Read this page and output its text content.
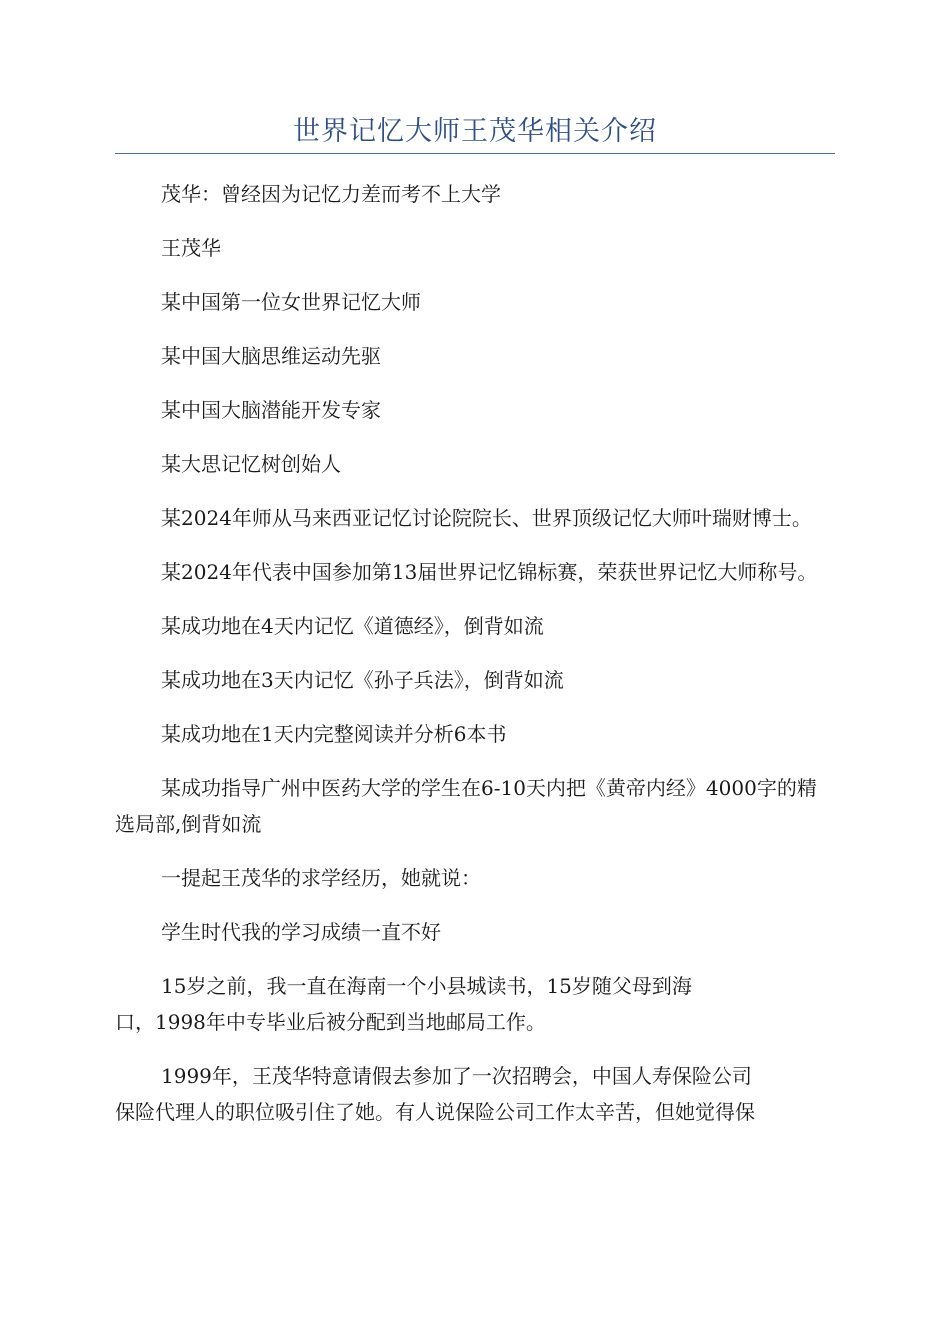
世界记忆大师王茂华相关介绍

茂华：曾经因为记忆力差而考不上大学

王茂华

某中国第一位女世界记忆大师

某中国大脑思维运动先驱

某中国大脑潜能开发专家

某大思记忆树创始人

某2024年师从马来西亚记忆讨论院院长、世界顶级记忆大师叶瑞财博士。

某2024年代表中国参加第13届世界记忆锦标赛，荣获世界记忆大师称号。

某成功地在4天内记忆《道德经》，倒背如流

某成功地在3天内记忆《孙子兵法》，倒背如流

某成功地在1天内完整阅读并分析6本书

某成功指导广州中医药大学的学生在6-10天内把《黄帝内经》4000字的精选局部,倒背如流

一提起王茂华的求学经历，她就说：

学生时代我的学习成绩一直不好

15岁之前，我一直在海南一个小县城读书，15岁随父母到海
口，1998年中专毕业后被分配到当地邮局工作。
1999年，王茂华特意请假去参加了一次招聘会，中国人寿保险公司
保险代理人的职位吸引住了她。有人说保险公司工作太辛苦，但她觉得保
